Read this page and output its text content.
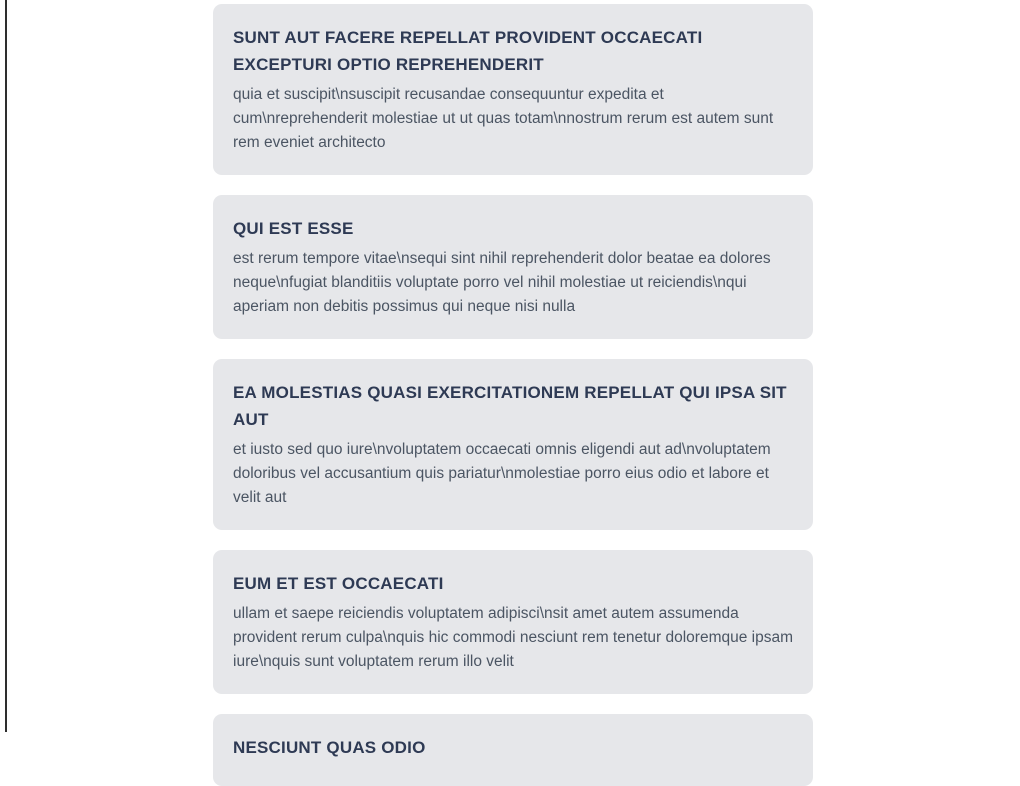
SUNT AUT FACERE REPELLAT PROVIDENT OCCAECATI EXCEPTURI OPTIO REPREHENDERIT

quia et suscipit\nsuscipit recusandae consequuntur expedita et cum\nreprehenderit molestiae ut ut quas totam\nnostrum rerum est autem sunt rem eveniet architecto

QUI EST ESSE

est rerum tempore vitae\nsequi sint nihil reprehenderit dolor beatae ea dolores neque\nfugiat blanditiis voluptate porro vel nihil molestiae ut reiciendis\nqui aperiam non debitis possimus qui neque nisi nulla

EA MOLESTIAS QUASI EXERCITATIONEM REPELLAT QUI IPSA SIT AUT

et iusto sed quo iure\nvoluptatem occaecati omnis eligendi aut ad\nvoluptatem doloribus vel accusantium quis pariatur\nmolestiae porro eius odio et labore et velit aut

EUM ET EST OCCAECATI

ullam et saepe reiciendis voluptatem adipisci\nsit amet autem assumenda provident rerum culpa\nquis hic commodi nesciunt rem tenetur doloremque ipsam iure\nquis sunt voluptatem rerum illo velit

NESCIUNT QUAS ODIO
